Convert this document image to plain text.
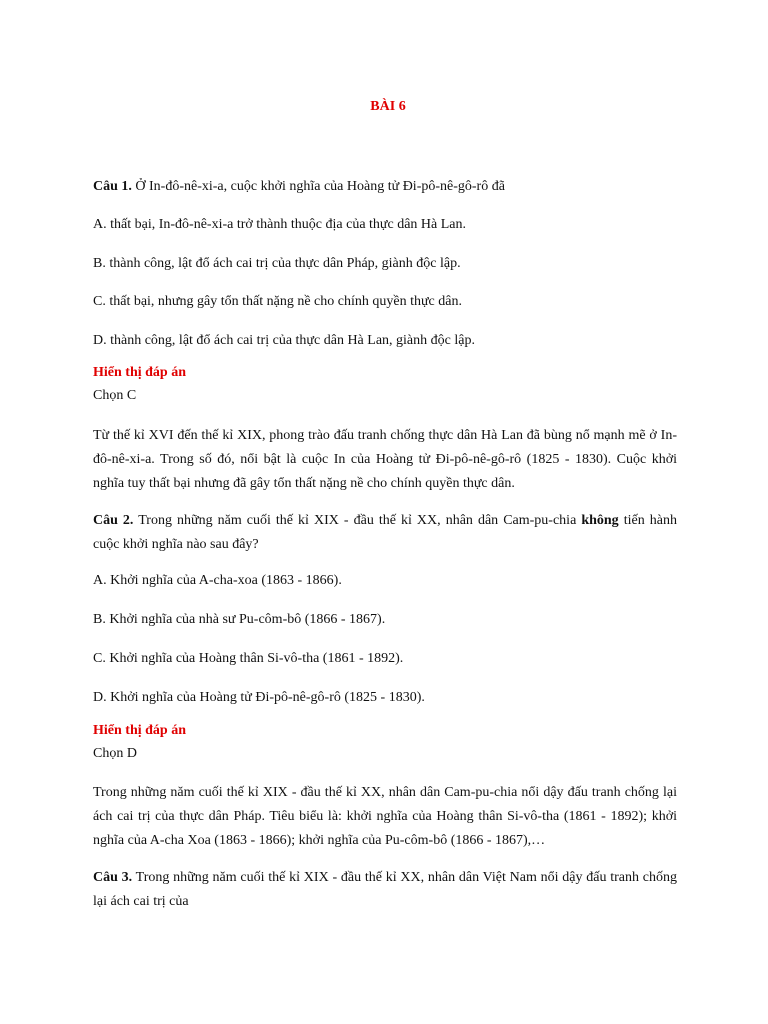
BÀI 6
Câu 1. Ở In-đô-nê-xi-a, cuộc khởi nghĩa của Hoàng tử Đi-pô-nê-gô-rô đã
A. thất bại, In-đô-nê-xi-a trở thành thuộc địa của thực dân Hà Lan.
B. thành công, lật đổ ách cai trị của thực dân Pháp, giành độc lập.
C. thất bại, nhưng gây tổn thất nặng nề cho chính quyền thực dân.
D. thành công, lật đổ ách cai trị của thực dân Hà Lan, giành độc lập.
Hiển thị đáp án
Chọn C
Từ thế kỉ XVI đến thế kỉ XIX, phong trào đấu tranh chống thực dân Hà Lan đã bùng nổ mạnh mẽ ở In-đô-nê-xi-a. Trong số đó, nổi bật là cuộc In của Hoàng tử Đi-pô-nê-gô-rô (1825 - 1830). Cuộc khởi nghĩa tuy thất bại nhưng đã gây tổn thất nặng nề cho chính quyền thực dân.
Câu 2. Trong những năm cuối thế kỉ XIX - đầu thế kỉ XX, nhân dân Cam-pu-chia không tiến hành cuộc khởi nghĩa nào sau đây?
A. Khởi nghĩa của A-cha-xoa (1863 - 1866).
B. Khởi nghĩa của nhà sư Pu-côm-bô (1866 - 1867).
C. Khởi nghĩa của Hoàng thân Si-vô-tha (1861 - 1892).
D. Khởi nghĩa của Hoàng tử Đi-pô-nê-gô-rô (1825 - 1830).
Hiển thị đáp án
Chọn D
Trong những năm cuối thế kỉ XIX - đầu thế kỉ XX, nhân dân Cam-pu-chia nổi dậy đấu tranh chống lại ách cai trị của thực dân Pháp. Tiêu biểu là: khởi nghĩa của Hoàng thân Si-vô-tha (1861 - 1892); khởi nghĩa của A-cha Xoa (1863 - 1866); khởi nghĩa của Pu-côm-bô (1866 - 1867),…
Câu 3. Trong những năm cuối thế kỉ XIX - đầu thế kỉ XX, nhân dân Việt Nam nổi dậy đấu tranh chống lại ách cai trị của
